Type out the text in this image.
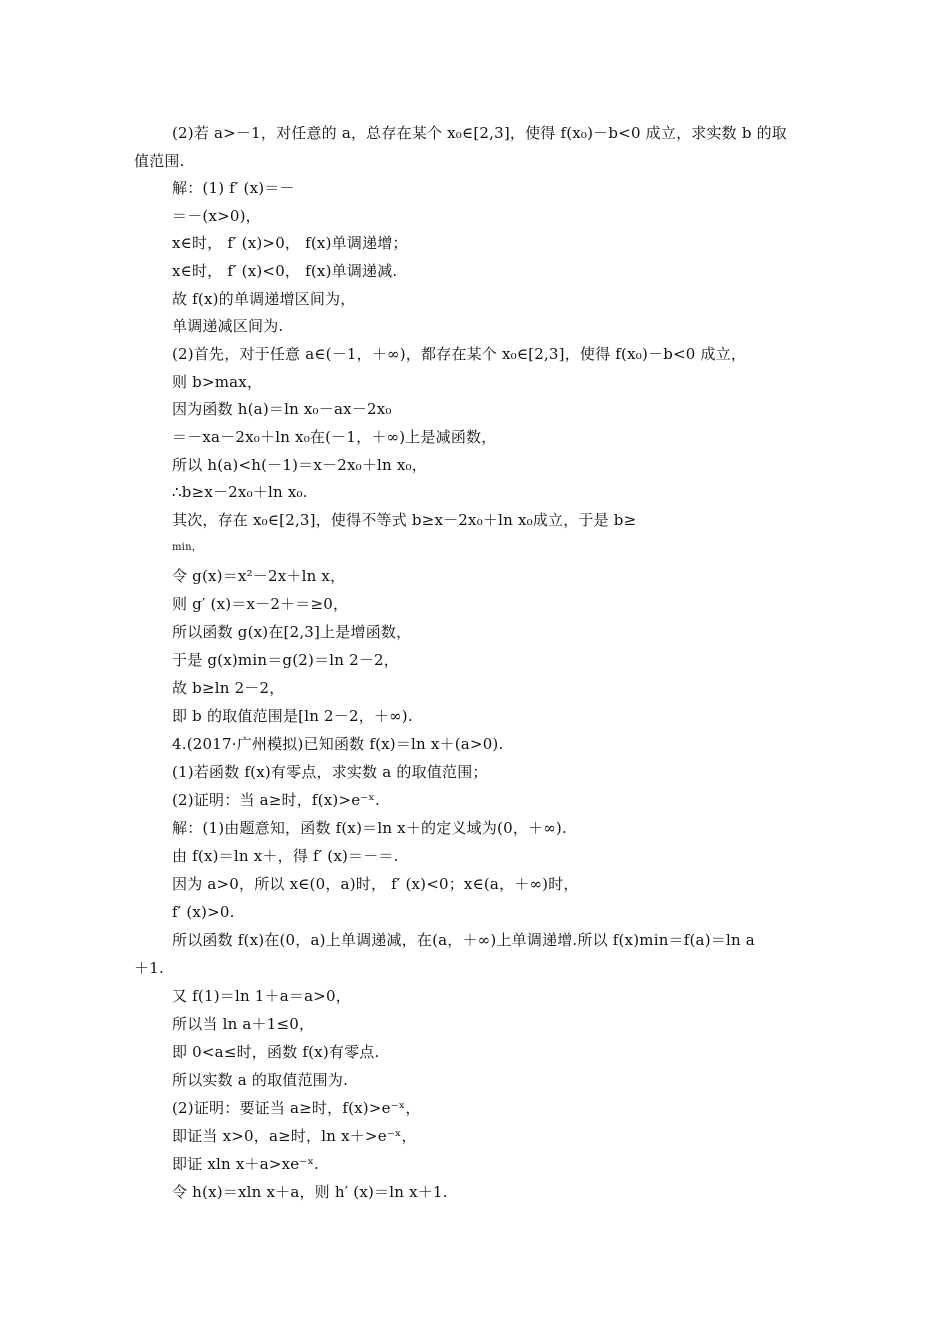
(2)若 a>－1，对任意的 a，总存在某个 x₀∈[2,3]，使得 f(x₀)－b<0 成立，求实数 b 的取
值范围.
解：(1) f′ (x)＝－
＝－(x>0)，
x∈时， f′ (x)>0， f(x)单调递增；
x∈时， f′ (x)<0， f(x)单调递减.
故 f(x)的单调递增区间为，
单调递减区间为.
(2)首先，对于任意 a∈(－1，＋∞)，都存在某个 x₀∈[2,3]，使得 f(x₀)－b<0 成立，
则 b>max，
因为函数 h(a)＝ln x₀－ax－2x₀
＝－xa－2x₀＋ln x₀在(－1，＋∞)上是减函数，
所以 h(a)<h(－1)＝x－2x₀＋ln x₀，
∴b≥x－2x₀＋ln x₀.
其次，存在 x₀∈[2,3]，使得不等式 b≥x－2x₀＋ln x₀成立，于是 b≥
min，
令 g(x)＝x²－2x＋ln x，
则 g′ (x)＝x－2＋＝≥0，
所以函数 g(x)在[2,3]上是增函数，
于是 g(x)min＝g(2)＝ln 2－2，
故 b≥ln 2－2，
即 b 的取值范围是[ln 2－2，＋∞).
4.(2017·广州模拟)已知函数 f(x)＝ln x＋(a>0).
(1)若函数 f(x)有零点，求实数 a 的取值范围；
(2)证明：当 a≥时，f(x)>e⁻ˣ.
解：(1)由题意知，函数 f(x)＝ln x＋的定义域为(0，＋∞).
由 f(x)＝ln x＋，得 f′ (x)＝－＝.
因为 a>0，所以 x∈(0，a)时， f′ (x)<0；x∈(a，＋∞)时，
f′ (x)>0.
所以函数 f(x)在(0，a)上单调递减，在(a，＋∞)上单调递增.所以 f(x)min＝f(a)＝ln a
＋1.
又 f(1)＝ln 1＋a＝a>0，
所以当 ln a＋1≤0，
即 0<a≤时，函数 f(x)有零点.
所以实数 a 的取值范围为.
(2)证明：要证当 a≥时，f(x)>e⁻ˣ，
即证当 x>0，a≥时，ln x＋>e⁻ˣ，
即证 xln x＋a>xe⁻ˣ.
令 h(x)＝xln x＋a，则 h′ (x)＝ln x＋1.
